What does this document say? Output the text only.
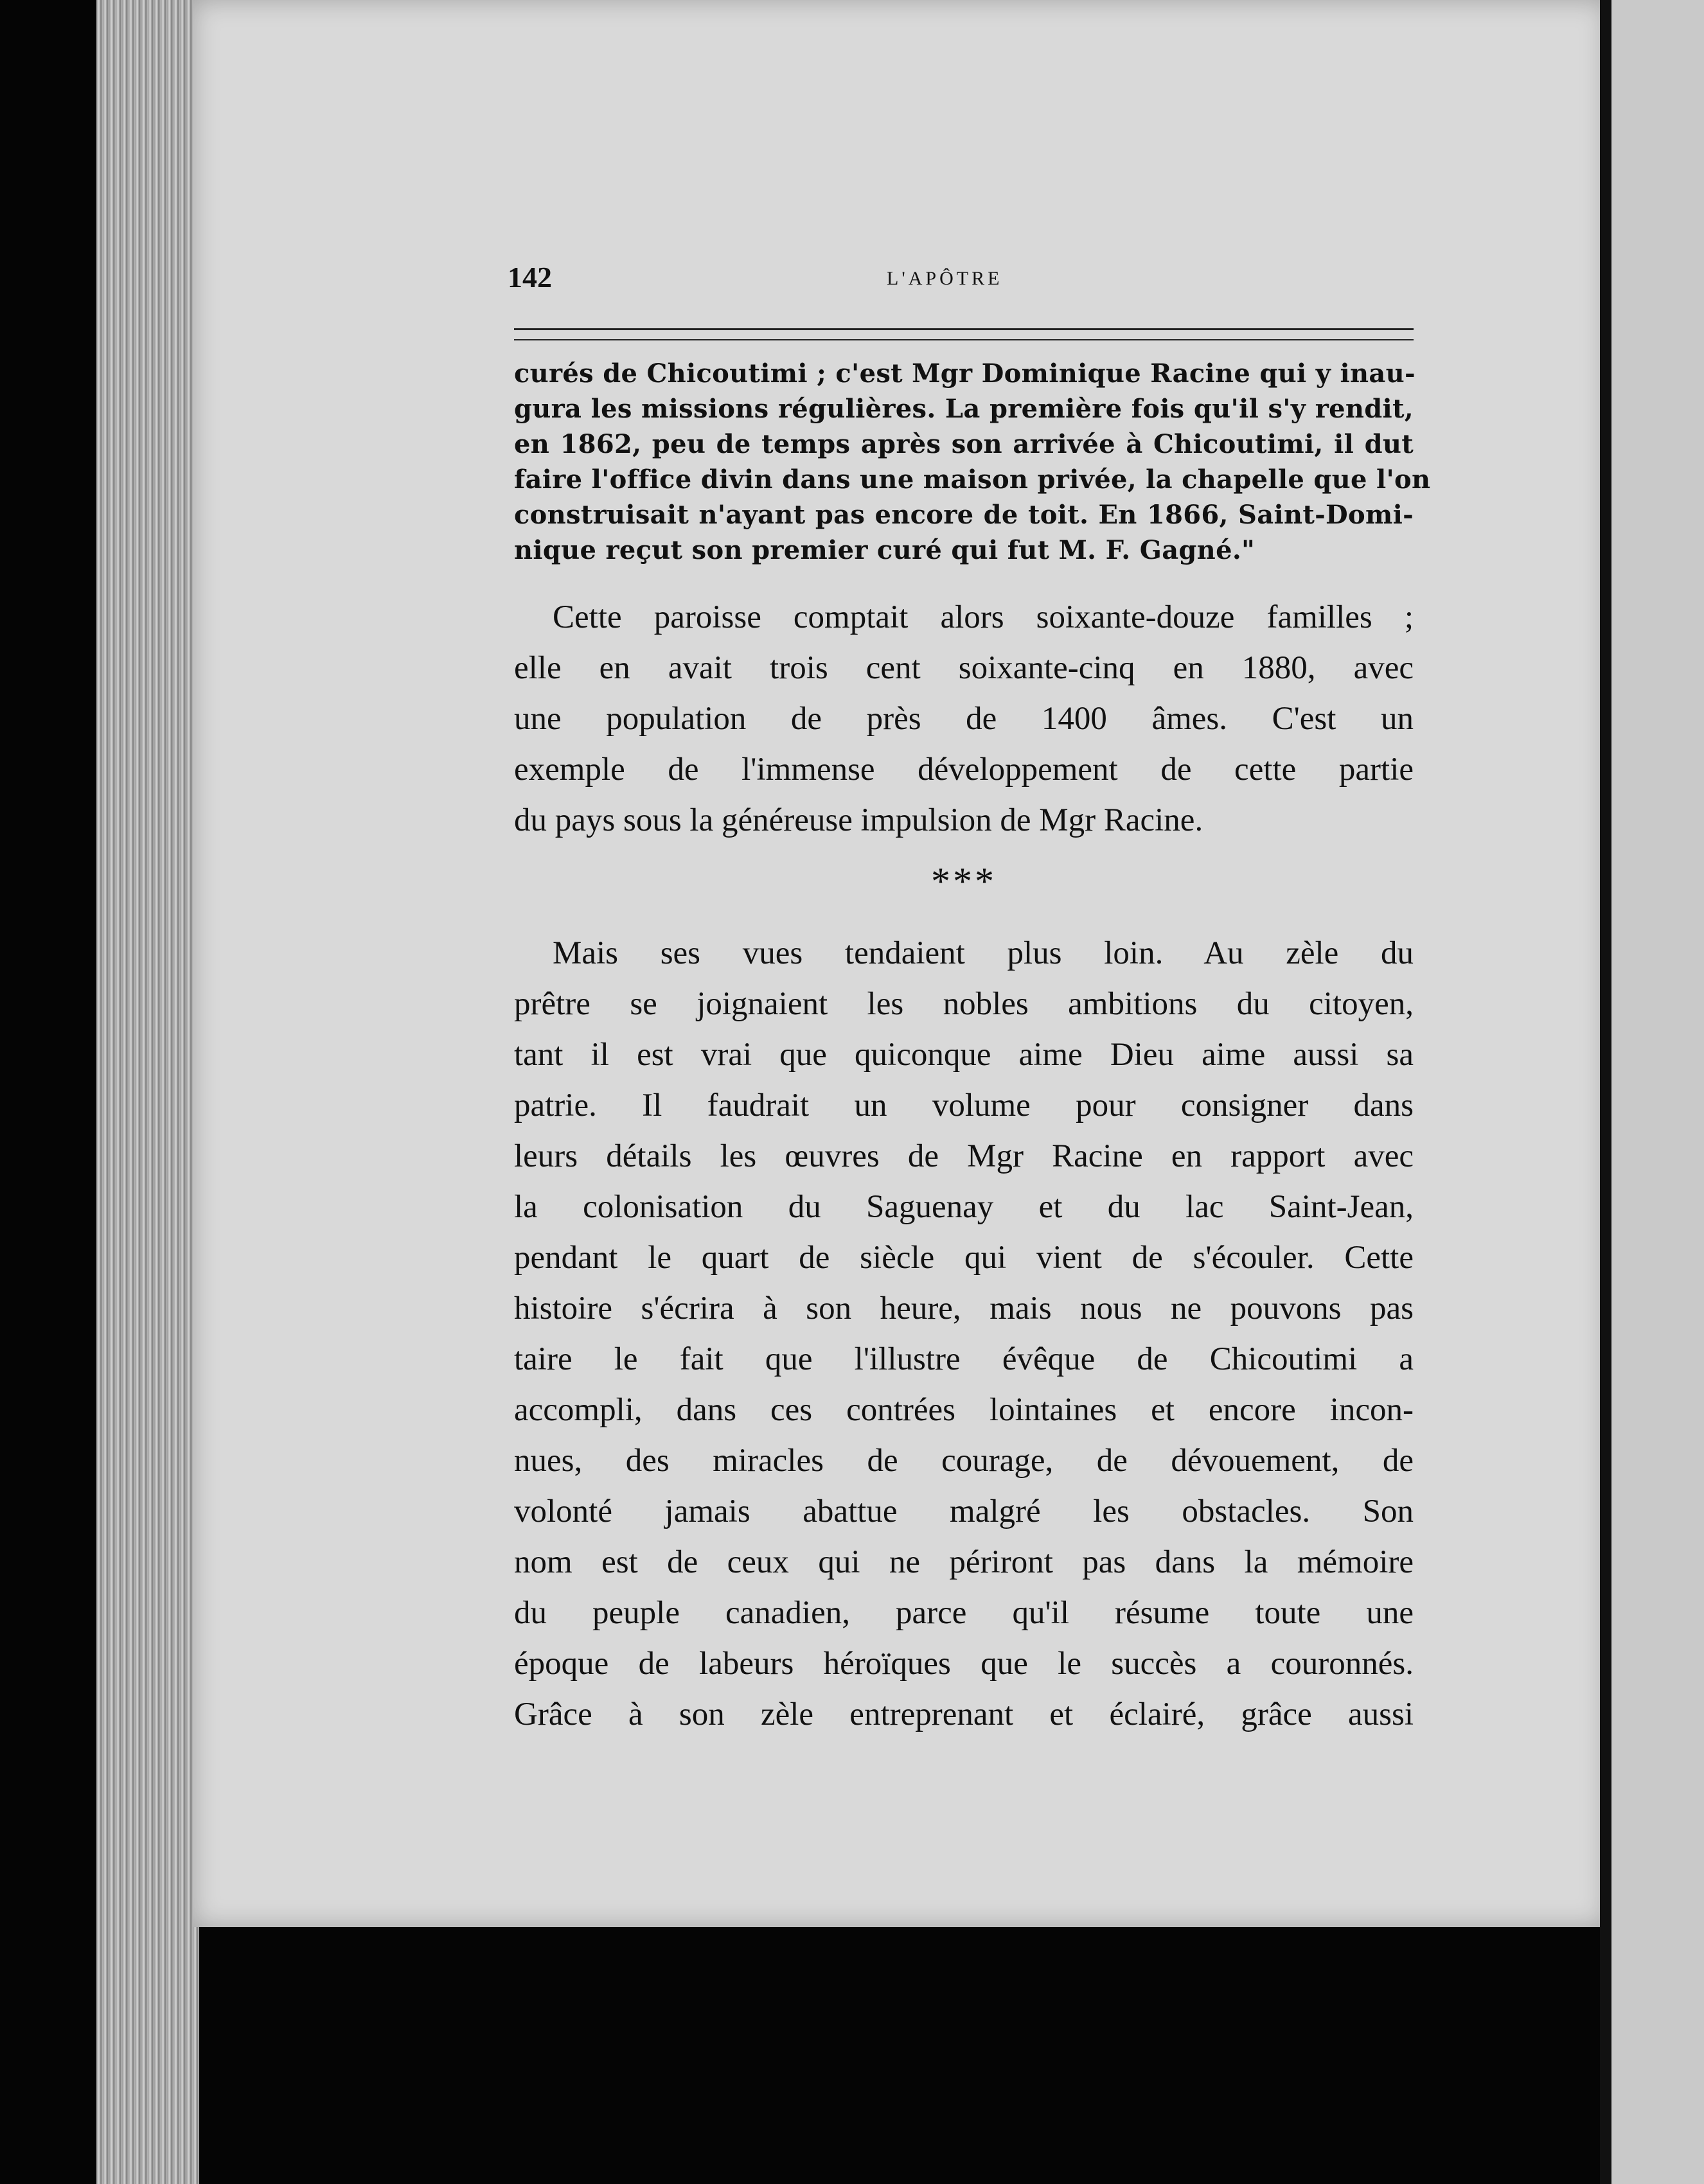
142	L'APÔTRE
curés de Chicoutimi ; c'est Mgr Dominique Racine qui y inau-
gura les missions régulières. La première fois qu'il s'y rendit,
en 1862, peu de temps après son arrivée à Chicoutimi, il dut
faire l'office divin dans une maison privée, la chapelle que l'on
construisait n'ayant pas encore de toit. En 1866, Saint-Domi-
nique reçut son premier curé qui fut M. F. Gagné."
Cette paroisse comptait alors soixante-douze familles ;
elle en avait trois cent soixante-cinq en 1880, avec
une population de près de 1400 âmes. C'est un
exemple de l'immense développement de cette partie
du pays sous la généreuse impulsion de Mgr Racine.
***
Mais ses vues tendaient plus loin. Au zèle du
prêtre se joignaient les nobles ambitions du citoyen,
tant il est vrai que quiconque aime Dieu aime aussi sa
patrie. Il faudrait un volume pour consigner dans
leurs détails les œuvres de Mgr Racine en rapport avec
la colonisation du Saguenay et du lac Saint-Jean,
pendant le quart de siècle qui vient de s'écouler. Cette
histoire s'écrira à son heure, mais nous ne pouvons pas
taire le fait que l'illustre évêque de Chicoutimi a
accompli, dans ces contrées lointaines et encore incon-
nues, des miracles de courage, de dévouement, de
volonté jamais abattue malgré les obstacles. Son
nom est de ceux qui ne périront pas dans la mémoire
du peuple canadien, parce qu'il résume toute une
époque de labeurs héroïques que le succès a couronnés.
Grâce à son zèle entreprenant et éclairé, grâce aussi
